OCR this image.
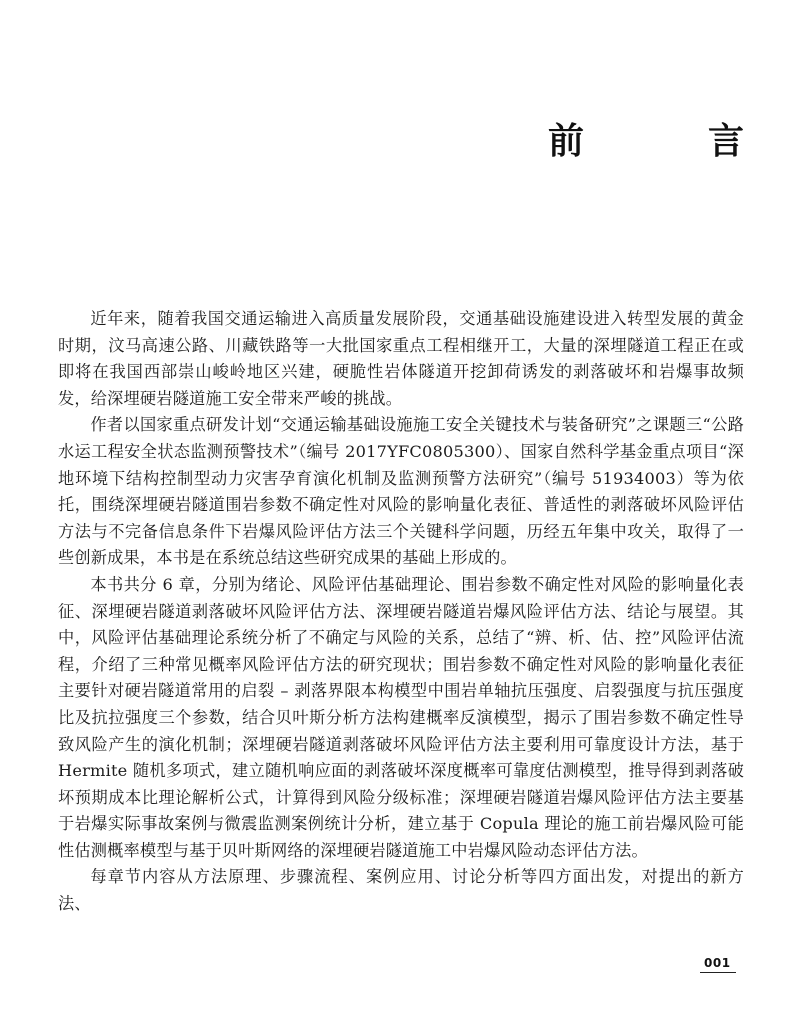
前　言

近年来，随着我国交通运输进入高质量发展阶段，交通基础设施建设进入转型发展的黄金时期，汶马高速公路、川藏铁路等一大批国家重点工程相继开工，大量的深埋隧道工程正在或即将在我国西部崇山峻岭地区兴建，硬脆性岩体隧道开挖卸荷诱发的剥落破坏和岩爆事故频发，给深埋硬岩隧道施工安全带来严峻的挑战。

作者以国家重点研发计划“交通运输基础设施施工安全关键技术与装备研究”之课题三“公路水运工程安全状态监测预警技术”（编号 2017YFC0805300）、国家自然科学基金重点项目“深地环境下结构控制型动力灾害孕育演化机制及监测预警方法研究”（编号 51934003）等为依托，围绕深埋硬岩隧道围岩参数不确定性对风险的影响量化表征、普适性的剥落破坏风险评估方法与不完备信息条件下岩爆风险评估方法三个关键科学问题，历经五年集中攻关，取得了一些创新成果，本书是在系统总结这些研究成果的基础上形成的。

本书共分 6 章，分别为绪论、风险评估基础理论、围岩参数不确定性对风险的影响量化表征、深埋硬岩隧道剥落破坏风险评估方法、深埋硬岩隧道岩爆风险评估方法、结论与展望。其中，风险评估基础理论系统分析了不确定与风险的关系，总结了“辨、析、估、控”风险评估流程，介绍了三种常见概率风险评估方法的研究现状；围岩参数不确定性对风险的影响量化表征主要针对硬岩隧道常用的启裂 – 剥落界限本构模型中围岩单轴抗压强度、启裂强度与抗压强度比及抗拉强度三个参数，结合贝叶斯分析方法构建概率反演模型，揭示了围岩参数不确定性导致风险产生的演化机制；深埋硬岩隧道剥落破坏风险评估方法主要利用可靠度设计方法，基于 Hermite 随机多项式，建立随机响应面的剥落破坏深度概率可靠度估测模型，推导得到剥落破坏预期成本比理论解析公式，计算得到风险分级标准；深埋硬岩隧道岩爆风险评估方法主要基于岩爆实际事故案例与微震监测案例统计分析，建立基于 Copula 理论的施工前岩爆风险可能性估测概率模型与基于贝叶斯网络的深埋硬岩隧道施工中岩爆风险动态评估方法。

每章节内容从方法原理、步骤流程、案例应用、讨论分析等四方面出发，对提出的新方法、

001
